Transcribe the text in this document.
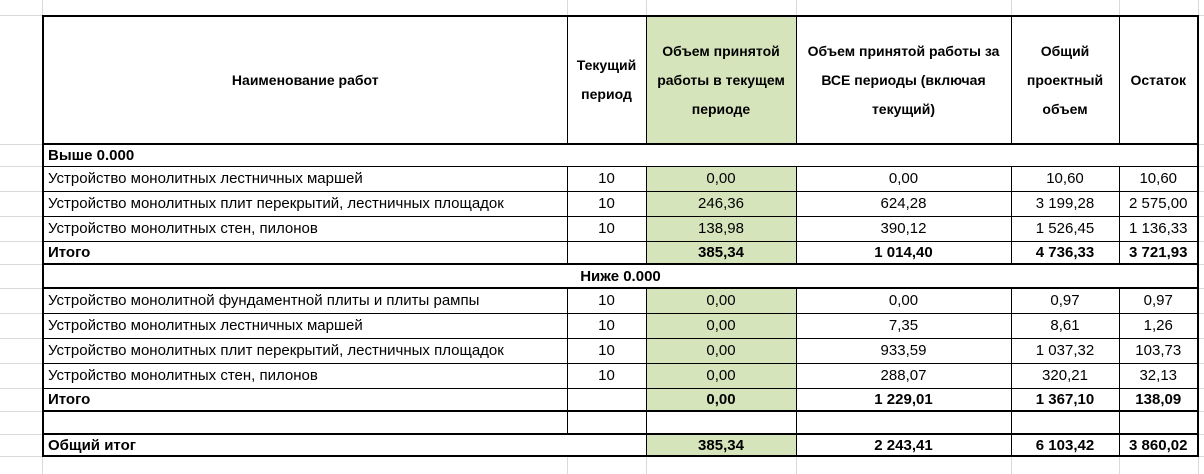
Наименование работ	Текущий период	Объем принятой работы в текущем периоде	Объем принятой работы за ВСЕ периоды (включая текущий)	Общий проектный объем	Остаток
Выше 0.000					
Устройство монолитных лестничных маршей	10	0,00	0,00	10,60	10,60
Устройство монолитных плит перекрытий, лестничных площадок	10	246,36	624,28	3 199,28	2 575,00
Устройство монолитных стен, пилонов	10	138,98	390,12	1 526,45	1 136,33
Итого		385,34	1 014,40	4 736,33	3 721,93
Ниже 0.000					
Устройство монолитной фундаментной плиты и плиты рампы	10	0,00	0,00	0,97	0,97
Устройство монолитных лестничных маршей	10	0,00	7,35	8,61	1,26
Устройство монолитных плит перекрытий, лестничных площадок	10	0,00	933,59	1 037,32	103,73
Устройство монолитных стен, пилонов	10	0,00	288,07	320,21	32,13
Итого		0,00	1 229,01	1 367,10	138,09

Общий итог		385,34	2 243,41	6 103,42	3 860,02
